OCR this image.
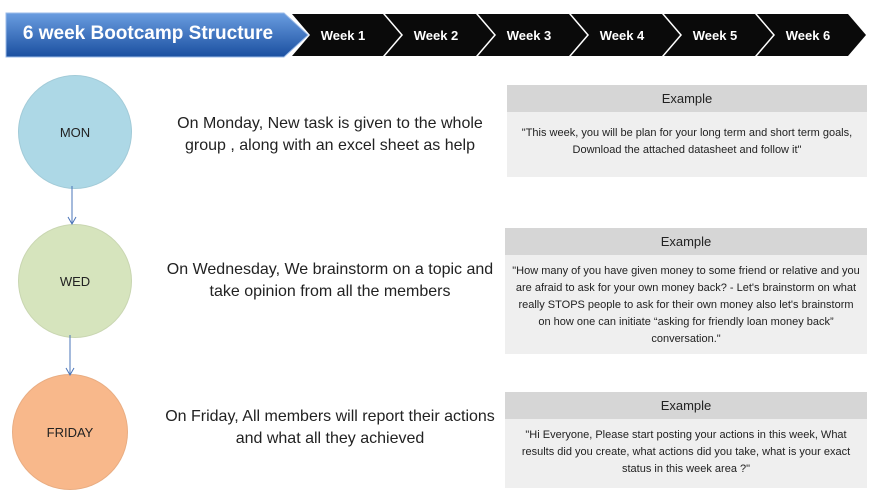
6 week Bootcamp Structure	Week 1	Week 2	Week 3	Week 4	Week 5	Week 6
MON
WED
FRIDAY
On Monday, New task is given to the whole group , along with an excel sheet as help
On Wednesday, We brainstorm on a topic and take opinion from all the members
On Friday, All members will report their actions and what all they achieved
Example
"This week, you will be plan for your long term and short term goals, Download the attached datasheet and follow it"
Example
"How many of you have given money to some friend or relative and you are afraid to ask for your own money back? - Let's brainstorm on what really STOPS people to ask for their own money also let's brainstorm on how one can initiate “asking for friendly loan money back” conversation."
Example
"Hi Everyone, Please start posting your actions in this week, What results did you create, what actions did you take, what is your exact status in this week area ?"
